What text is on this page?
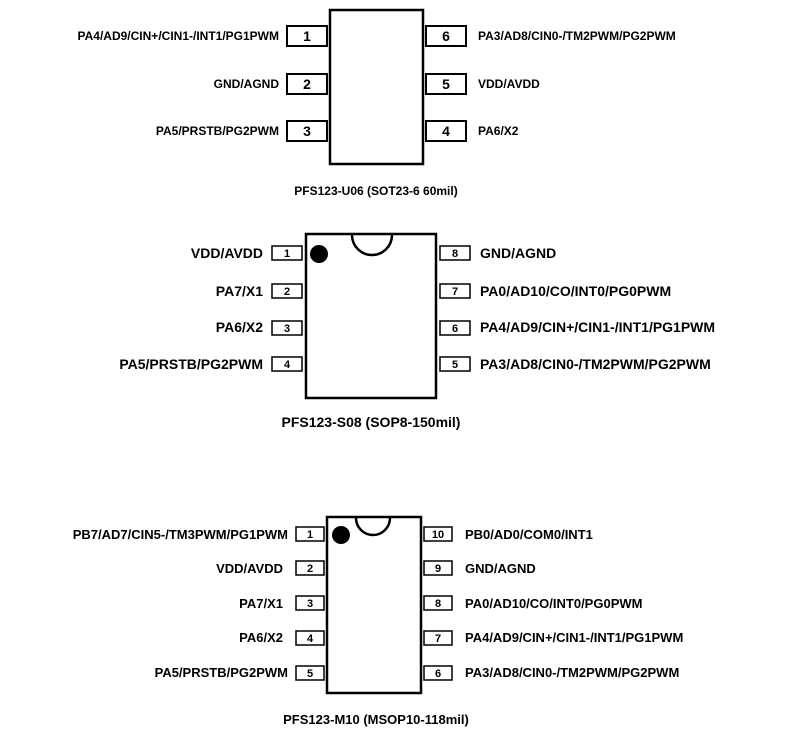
1
PA4/AD9/CIN+/CIN1-/INT1/PG1PWM
2
GND/AGND
3
PA5/PRSTB/PG2PWM
6 PA3/AD8/CIN0-/TM2PWM/PG2PWM
5 VDD/AVDD
4 PA6/X2
PFS123-U06 (SOT23-6 60mil)
1
VDD/AVDD
2
PA7/X1
3
PA6/X2
4
PA5/PRSTB/PG2PWM
8 GND/AGND
7 PA0/AD10/CO/INT0/PG0PWM
6 PA4/AD9/CIN+/CIN1-/INT1/PG1PWM
5 PA3/AD8/CIN0-/TM2PWM/PG2PWM
PFS123-S08 (SOP8-150mil)
1
PB7/AD7/CIN5-/TM3PWM/PG1PWM
2
VDD/AVDD
3
PA7/X1
4
PA6/X2
5
PA5/PRSTB/PG2PWM
10 PB0/AD0/COM0/INT1
9 GND/AGND
8 PA0/AD10/CO/INT0/PG0PWM
7 PA4/AD9/CIN+/CIN1-/INT1/PG1PWM
6 PA3/AD8/CIN0-/TM2PWM/PG2PWM
PFS123-M10 (MSOP10-118mil)
